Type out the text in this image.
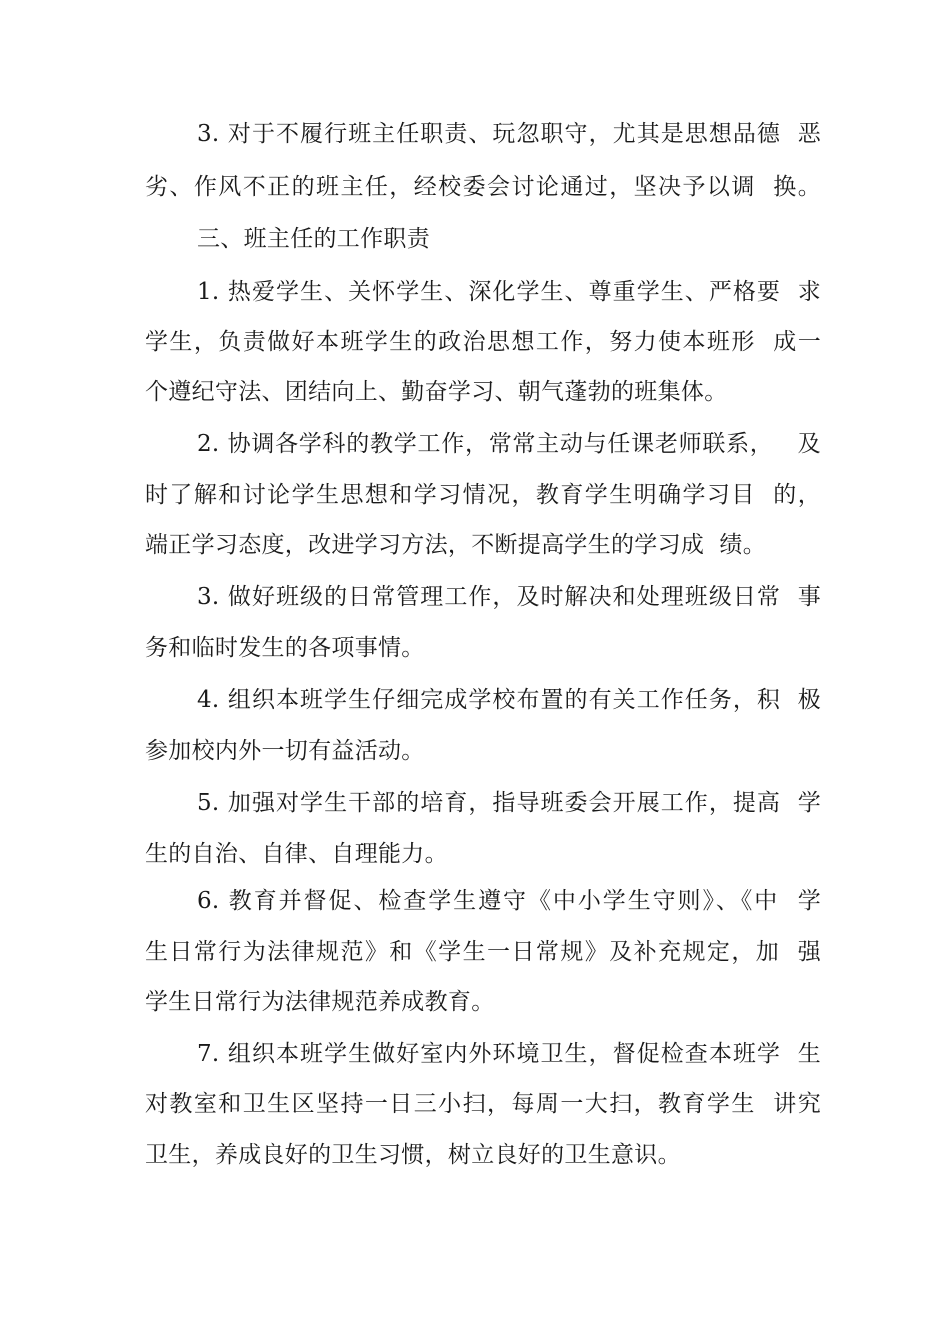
3. 对于不履行班主任职责、玩忽职守，尤其是思想品德  恶
劣、作风不正的班主任，经校委会讨论通过，坚决予以调  换。
三、班主任的工作职责
1. 热爱学生、关怀学生、深化学生、尊重学生、严格要  求
学生，负责做好本班学生的政治思想工作，努力使本班形  成一
个遵纪守法、团结向上、勤奋学习、朝气蓬勃的班集体。
2. 协调各学科的教学工作，常常主动与任课老师联系，   及
时了解和讨论学生思想和学习情况，教育学生明确学习目  的，
端正学习态度，改进学习方法，不断提高学生的学习成  绩。
3. 做好班级的日常管理工作，及时解决和处理班级日常  事
务和临时发生的各项事情。
4. 组织本班学生仔细完成学校布置的有关工作任务，积  极
参加校内外一切有益活动。
5. 加强对学生干部的培育，指导班委会开展工作，提高  学
生的自治、自律、自理能力。
6. 教育并督促、检查学生遵守《中小学生守则》、《中  学
生日常行为法律规范》和《学生一日常规》及补充规定，加  强
学生日常行为法律规范养成教育。
7. 组织本班学生做好室内外环境卫生，督促检查本班学  生
对教室和卫生区坚持一日三小扫，每周一大扫，教育学生  讲究
卫生，养成良好的卫生习惯，树立良好的卫生意识。
